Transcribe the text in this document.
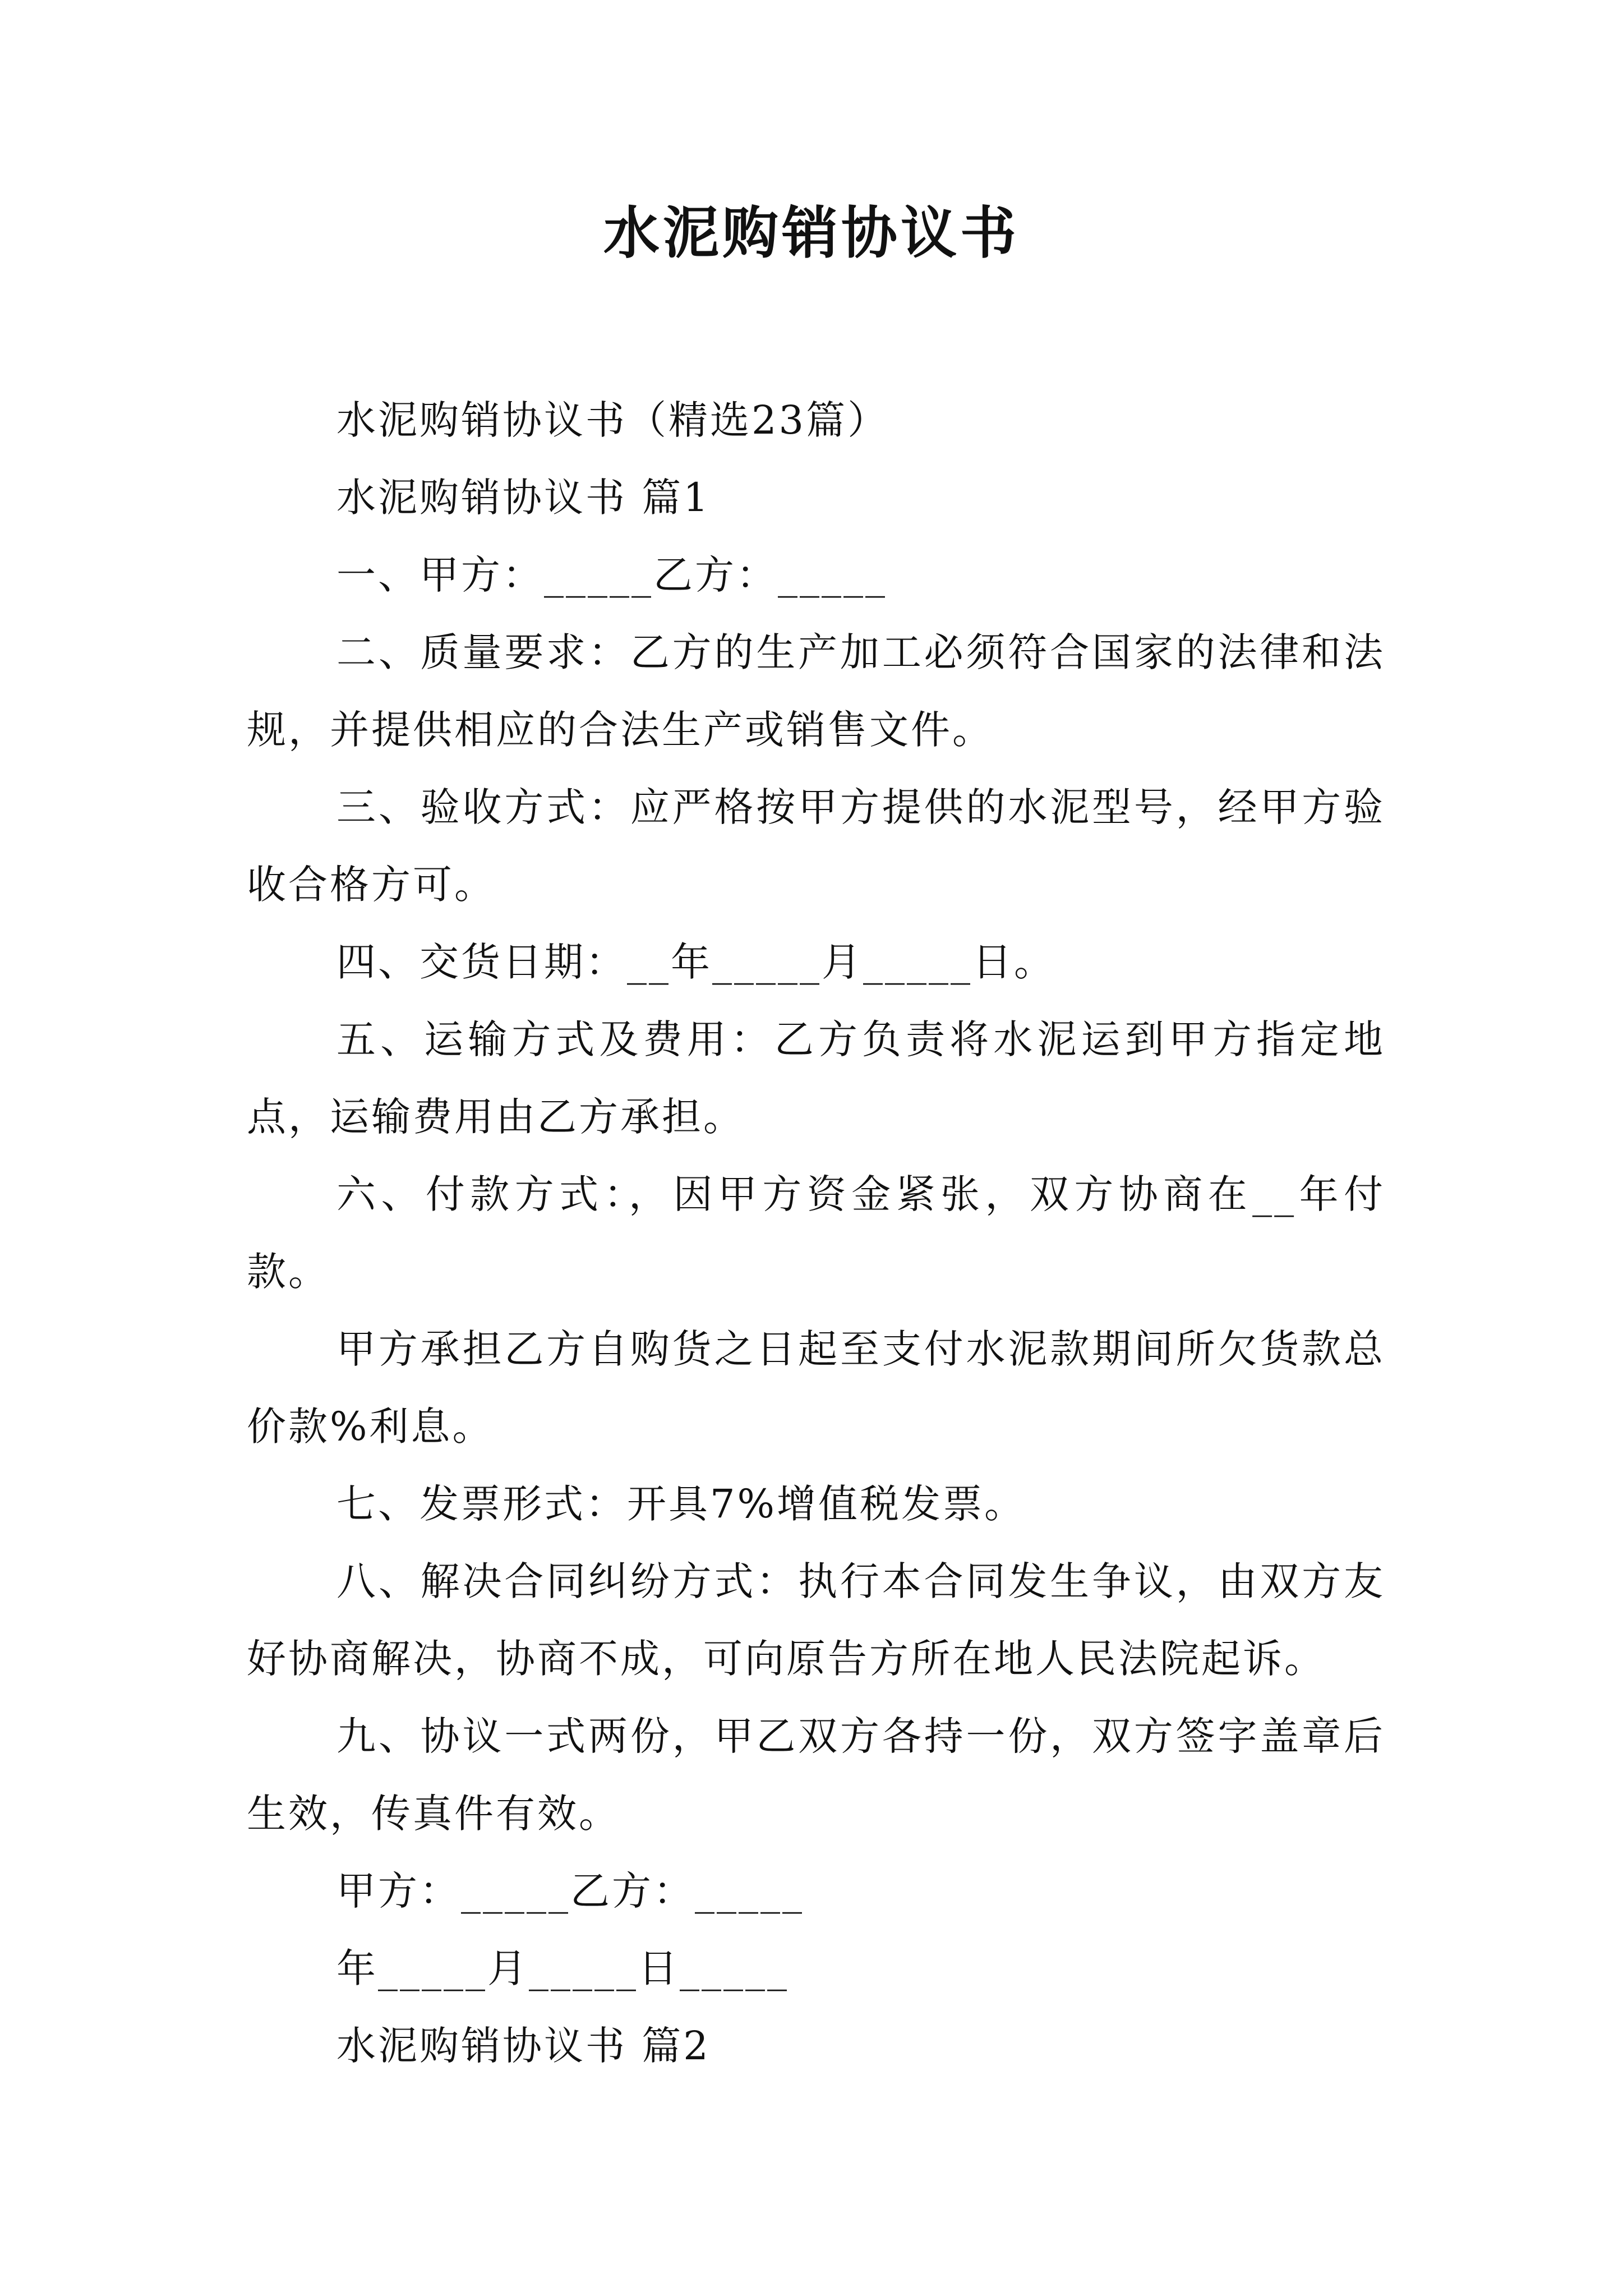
水泥购销协议书

水泥购销协议书（精选23篇）

水泥购销协议书 篇1

一、甲方：_____乙方：_____

二、质量要求：乙方的生产加工必须符合国家的法律和法规，并提供相应的合法生产或销售文件。

三、验收方式：应严格按甲方提供的水泥型号，经甲方验收合格方可。

四、交货日期：__年_____月_____日。

五、运输方式及费用：乙方负责将水泥运到甲方指定地点，运输费用由乙方承担。

六、付款方式：，因甲方资金紧张，双方协商在__年付款。

甲方承担乙方自购货之日起至支付水泥款期间所欠货款总价款%利息。

七、发票形式：开具7%增值税发票。

八、解决合同纠纷方式：执行本合同发生争议，由双方友好协商解决，协商不成，可向原告方所在地人民法院起诉。

九、协议一式两份，甲乙双方各持一份，双方签字盖章后生效，传真件有效。

甲方：_____乙方：_____

年_____月_____日_____

水泥购销协议书 篇2
